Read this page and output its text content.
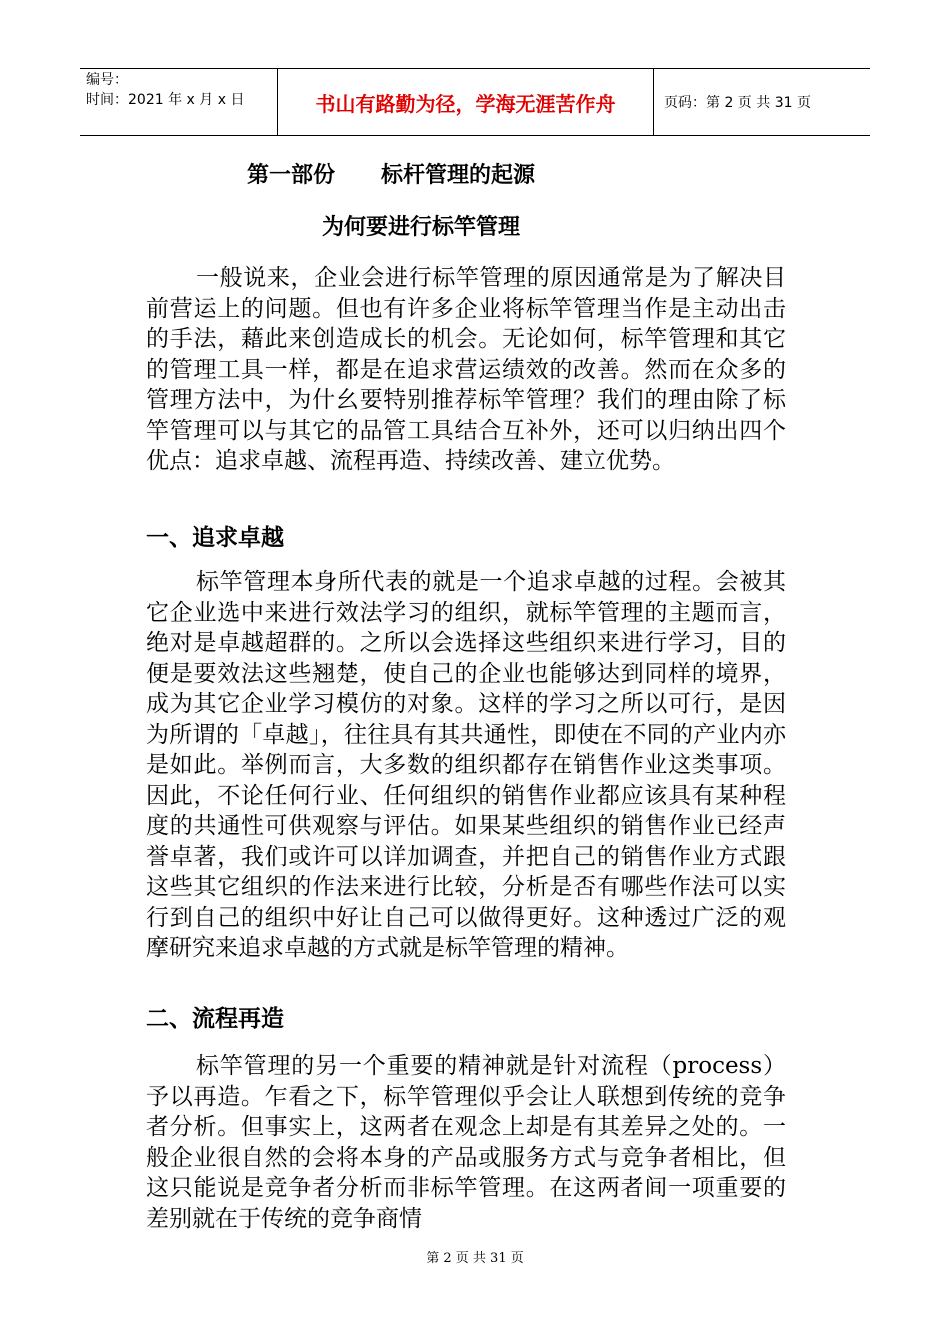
编号：
时间：2021 年 x 月 x 日	书山有路勤为径，学海无涯苦作舟	页码：第 2 页 共 31 页
第一部份      标杆管理的起源
为何要进行标竿管理
一般说来，企业会进行标竿管理的原因通常是为了解决目前营运上的问题。但也有许多企业将标竿管理当作是主动出击的手法，藉此来创造成长的机会。无论如何，标竿管理和其它的管理工具一样，都是在追求营运绩效的改善。然而在众多的管理方法中，为什幺要特别推荐标竿管理？我们的理由除了标竿管理可以与其它的品管工具结合互补外，还可以归纳出四个优点：追求卓越、流程再造、持续改善、建立优势。
一、追求卓越
标竿管理本身所代表的就是一个追求卓越的过程。会被其它企业选中来进行效法学习的组织，就标竿管理的主题而言，绝对是卓越超群的。之所以会选择这些组织来进行学习，目的便是要效法这些翘楚，使自己的企业也能够达到同样的境界，成为其它企业学习模仿的对象。这样的学习之所以可行，是因为所谓的「卓越」，往往具有其共通性，即使在不同的产业内亦是如此。举例而言，大多数的组织都存在销售作业这类事项。因此，不论任何行业、任何组织的销售作业都应该具有某种程度的共通性可供观察与评估。如果某些组织的销售作业已经声誉卓著，我们或许可以详加调查，并把自己的销售作业方式跟这些其它组织的作法来进行比较，分析是否有哪些作法可以实行到自己的组织中好让自己可以做得更好。这种透过广泛的观摩研究来追求卓越的方式就是标竿管理的精神。
二、流程再造
标竿管理的另一个重要的精神就是针对流程（process）予以再造。乍看之下，标竿管理似乎会让人联想到传统的竞争者分析。但事实上，这两者在观念上却是有其差异之处的。一般企业很自然的会将本身的产品或服务方式与竞争者相比，但这只能说是竞争者分析而非标竿管理。在这两者间一项重要的差别就在于传统的竞争商情
第 2 页 共 31 页
